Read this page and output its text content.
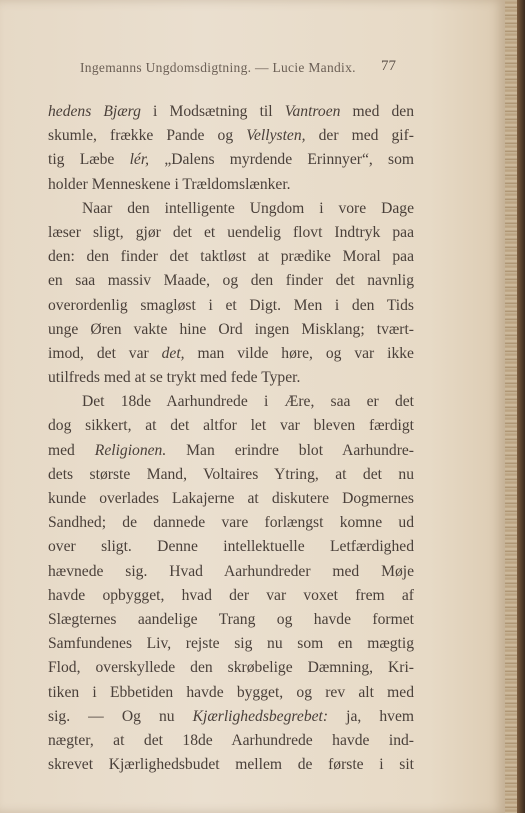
Ingemanns Ungdomsdigtning. — Lucie Mandix.	77
hedens Bjærg i Modsætning til Vantroen med den
skumle, frække Pande og Vellysten, der med gif-
tig Læbe lér, „Dalens myrdende Erinnyer“, som
holder Menneskene i Trældomslænker.
Naar den intelligente Ungdom i vore Dage
læser sligt, gjør det et uendelig flovt Indtryk paa
den: den finder det taktløst at prædike Moral paa
en saa massiv Maade, og den finder det navnlig
overordenlig smagløst i et Digt. Men i den Tids
unge Øren vakte hine Ord ingen Misklang; tvært-
imod, det var det, man vilde høre, og var ikke
utilfreds med at se trykt med fede Typer.
Det 18de Aarhundrede i Ære, saa er det
dog sikkert, at det altfor let var bleven færdigt
med Religionen. Man erindre blot Aarhundre-
dets største Mand, Voltaires Ytring, at det nu
kunde overlades Lakajerne at diskutere Dogmernes
Sandhed; de dannede vare forlængst komne ud
over sligt. Denne intellektuelle Letfærdighed
hævnede sig. Hvad Aarhundreder med Møje
havde opbygget, hvad der var voxet frem af
Slægternes aandelige Trang og havde formet
Samfundenes Liv, rejste sig nu som en mægtig
Flod, overskyllede den skrøbelige Dæmning, Kri-
tiken i Ebbetiden havde bygget, og rev alt med
sig. — Og nu Kjærlighedsbegrebet: ja, hvem
nægter, at det 18de Aarhundrede havde ind-
skrevet Kjærlighedsbudet mellem de første i sit
